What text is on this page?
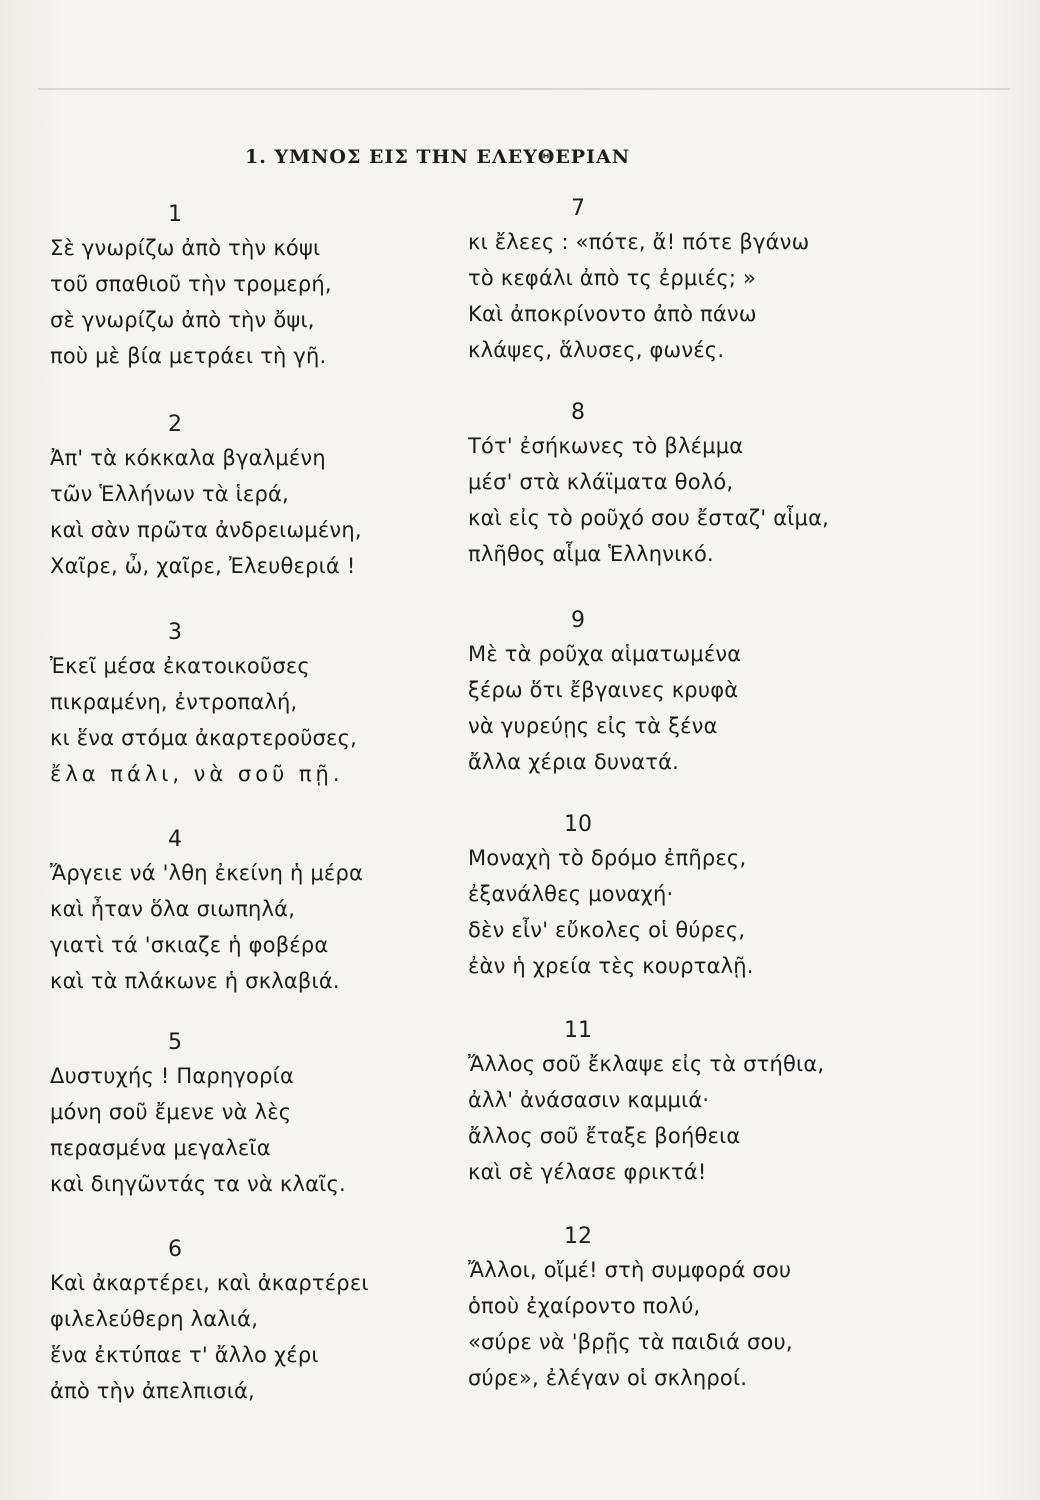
1. ΥΜΝΟΣ ΕΙΣ ΤΗΝ ΕΛΕΥΘΕΡΙΑΝ
1
Σὲ γνωρίζω ἀπὸ τὴν κόψι
τοῦ σπαθιοῦ τὴν τρομερή,
σὲ γνωρίζω ἀπὸ τὴν ὄψι,
ποὺ μὲ βία μετράει τὴ γῆ.
2
Ἀπ' τὰ κόκκαλα βγαλμένη
τῶν Ἑλλήνων τὰ ἱερά,
καὶ σὰν πρῶτα ἀνδρειωμένη,
Χαῖρε, ὦ, χαῖρε, Ἐλευθεριά !
3
Ἐκεῖ μέσα ἐκατοικοῦσες
πικραμένη, ἐντροπαλή,
κι ἕνα στόμα ἀκαρτεροῦσες,
ἔλα πάλι, νὰ σοῦ πῇ.
4
Ἄργειε νά 'λθη ἐκείνη ἡ μέρα
καὶ ἦταν ὅλα σιωπηλά,
γιατὶ τά 'σκιαζε ἡ φοβέρα
καὶ τὰ πλάκωνε ἡ σκλαβιά.
5
Δυστυχής ! Παρηγορία
μόνη σοῦ ἔμενε νὰ λὲς
περασμένα μεγαλεῖα
καὶ διηγῶντάς τα νὰ κλαῖς.
6
Καὶ ἀκαρτέρει, καὶ ἀκαρτέρει
φιλελεύθερη λαλιά,
ἕνα ἐκτύπαε τ' ἄλλο χέρι
ἀπὸ τὴν ἀπελπισιά,
7
κι ἔλεες : «πότε, ἄ! πότε βγάνω
τὸ κεφάλι ἀπὸ τς ἐρμιές; »
Καὶ ἀποκρίνοντο ἀπὸ πάνω
κλάψες, ἅλυσες, φωνές.
8
Τότ' ἐσήκωνες τὸ βλέμμα
μέσ' στὰ κλάϊματα θολό,
καὶ εἰς τὸ ροῦχό σου ἔσταζ' αἷμα,
πλῆθος αἷμα Ἑλληνικό.
9
Μὲ τὰ ροῦχα αἱματωμένα
ξέρω ὅτι ἔβγαινες κρυφὰ
νὰ γυρεύῃς εἰς τὰ ξένα
ἄλλα χέρια δυνατά.
10
Μοναχὴ τὸ δρόμο ἐπῆρες,
ἐξανάλθες μοναχή·
δὲν εἶν' εὔκολες οἱ θύρες,
ἐὰν ἡ χρεία τὲς κουρταλῇ.
11
Ἄλλος σοῦ ἔκλαψε εἰς τὰ στήθια,
ἀλλ' ἀνάσασιν καμμιά·
ἄλλος σοῦ ἔταξε βοήθεια
καὶ σὲ γέλασε φρικτά!
12
Ἄλλοι, οἴμέ! στὴ συμφορά σου
ὁποὺ ἐχαίροντο πολύ,
«σύρε νὰ 'βρῇς τὰ παιδιά σου,
σύρε», ἐλέγαν οἱ σκληροί.
